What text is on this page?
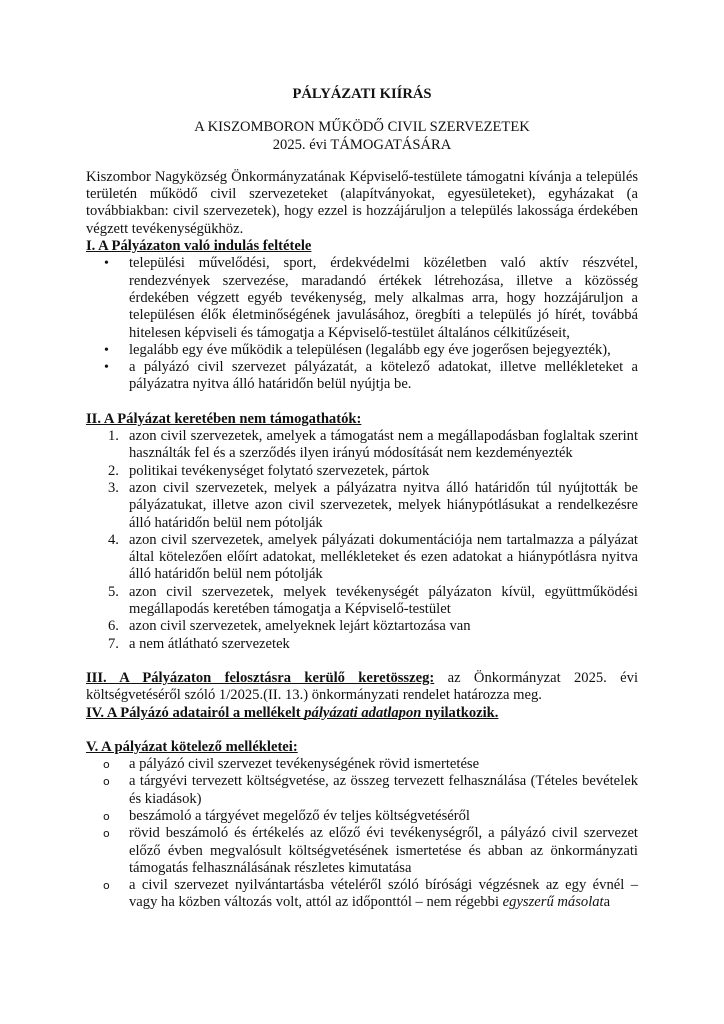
PÁLYÁZATI KIÍRÁS
A KISZOMBORON MŰKÖDŐ CIVIL SZERVEZETEK
2025. évi TÁMOGATÁSÁRA

Kiszombor Nagyközség Önkormányzatának Képviselő-testülete támogatni kívánja a település területén működő civil szervezeteket (alapítványokat, egyesületeket), egyházakat (a továbbiakban: civil szervezetek), hogy ezzel is hozzájáruljon a település lakossága érdekében végzett tevékenységükhöz.

I. A Pályázaton való indulás feltétele
•	települési művelődési, sport, érdekvédelmi közéletben való aktív részvétel, rendezvények szervezése, maradandó értékek létrehozása, illetve a közösség érdekében végzett egyéb tevékenység, mely alkalmas arra, hogy hozzájáruljon a településen élők életminőségének javulásához, öregbíti a település jó hírét, továbbá hitelesen képviseli és támogatja a Képviselő-testület általános célkitűzéseit,
•	legalább egy éve működik a településen (legalább egy éve jogerősen bejegyezték),
•	a pályázó civil szervezet pályázatát, a kötelező adatokat, illetve mellékleteket a pályázatra nyitva álló határidőn belül nyújtja be.
II. A Pályázat keretében nem támogathatók:
1. azon civil szervezetek, amelyek a támogatást nem a megállapodásban foglaltak szerint használták fel és a szerződés ilyen irányú módosítását nem kezdeményezték
2. politikai tevékenységet folytató szervezetek, pártok
3. azon civil szervezetek, melyek a pályázatra nyitva álló határidőn túl nyújtották be pályázatukat, illetve azon civil szervezetek, melyek hiánypótlásukat a rendelkezésre álló határidőn belül nem pótolják
4. azon civil szervezetek, amelyek pályázati dokumentációja nem tartalmazza a pályázat által kötelezően előírt adatokat, mellékleteket és ezen adatokat a hiánypótlásra nyitva álló határidőn belül nem pótolják
5. azon civil szervezetek, melyek tevékenységét pályázaton kívül, együttműködési megállapodás keretében támogatja a Képviselő-testület
6. azon civil szervezetek, amelyeknek lejárt köztartozása van
7. a nem átlátható szervezetek

III. A Pályázaton felosztásra kerülő keretösszeg: az Önkormányzat 2025. évi költségvetéséről szóló 1/2025.(II. 13.) önkormányzati rendelet határozza meg.

IV. A Pályázó adatairól a mellékelt pályázati adatlapon nyilatkozik.
V. A pályázat kötelező mellékletei:
o	a pályázó civil szervezet tevékenységének rövid ismertetése
o	a tárgyévi tervezett költségvetése, az összeg tervezett felhasználása (Tételes bevételek és kiadások)
o	beszámoló a tárgyévet megelőző év teljes költségvetéséről
o	rövid beszámoló és értékelés az előző évi tevékenységről, a pályázó civil szervezet előző évben megvalósult költségvetésének ismertetése és abban az önkormányzati támogatás felhasználásának részletes kimutatása
o	a civil szervezet nyilvántartásba vételéről szóló bírósági végzésnek az egy évnél – vagy ha közben változás volt, attól az időponttól – nem régebbi egyszerű másolata
